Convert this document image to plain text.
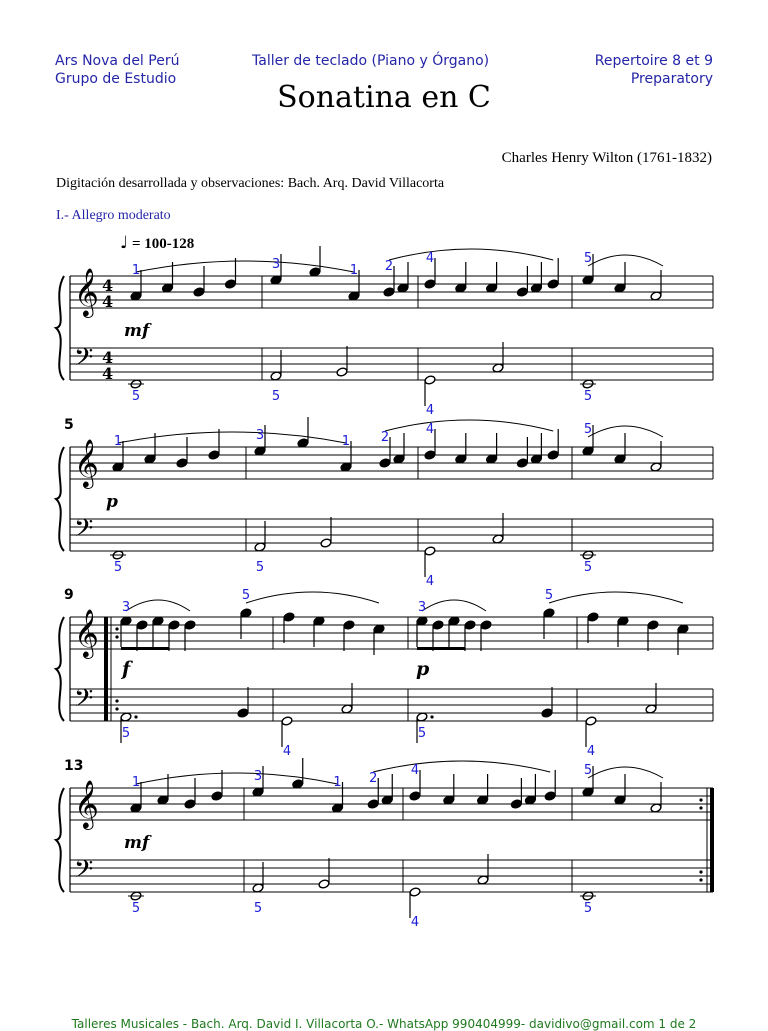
Ars Nova del Perú
Grupo de Estudio
Taller de teclado (Piano y Órgano)	Repertoire 8 et 9
Preparatory
Sonatina en C
Charles Henry Wilton (1761-1832)
Digitación desarrollada y observaciones: Bach. Arq. David Villacorta
I.- Allegro moderato
♩ = 100-128
𝄞
𝄢
4
4
4
4
1	3	1 2
4	5
mf
5	5
4
5
𝄞
𝄢
5
1	3	1 2
4	5
p
5	5
4
5
𝄞
𝄢
9
3	3
5	5
f	p
5
4
5
4
𝄞
𝄢
13
1	3	1 2
4	5
mf
5	5
4
5
Talleres Musicales - Bach. Arq. David I. Villacorta O.- WhatsApp 990404999- davidivo@gmail.com 1 de 2
